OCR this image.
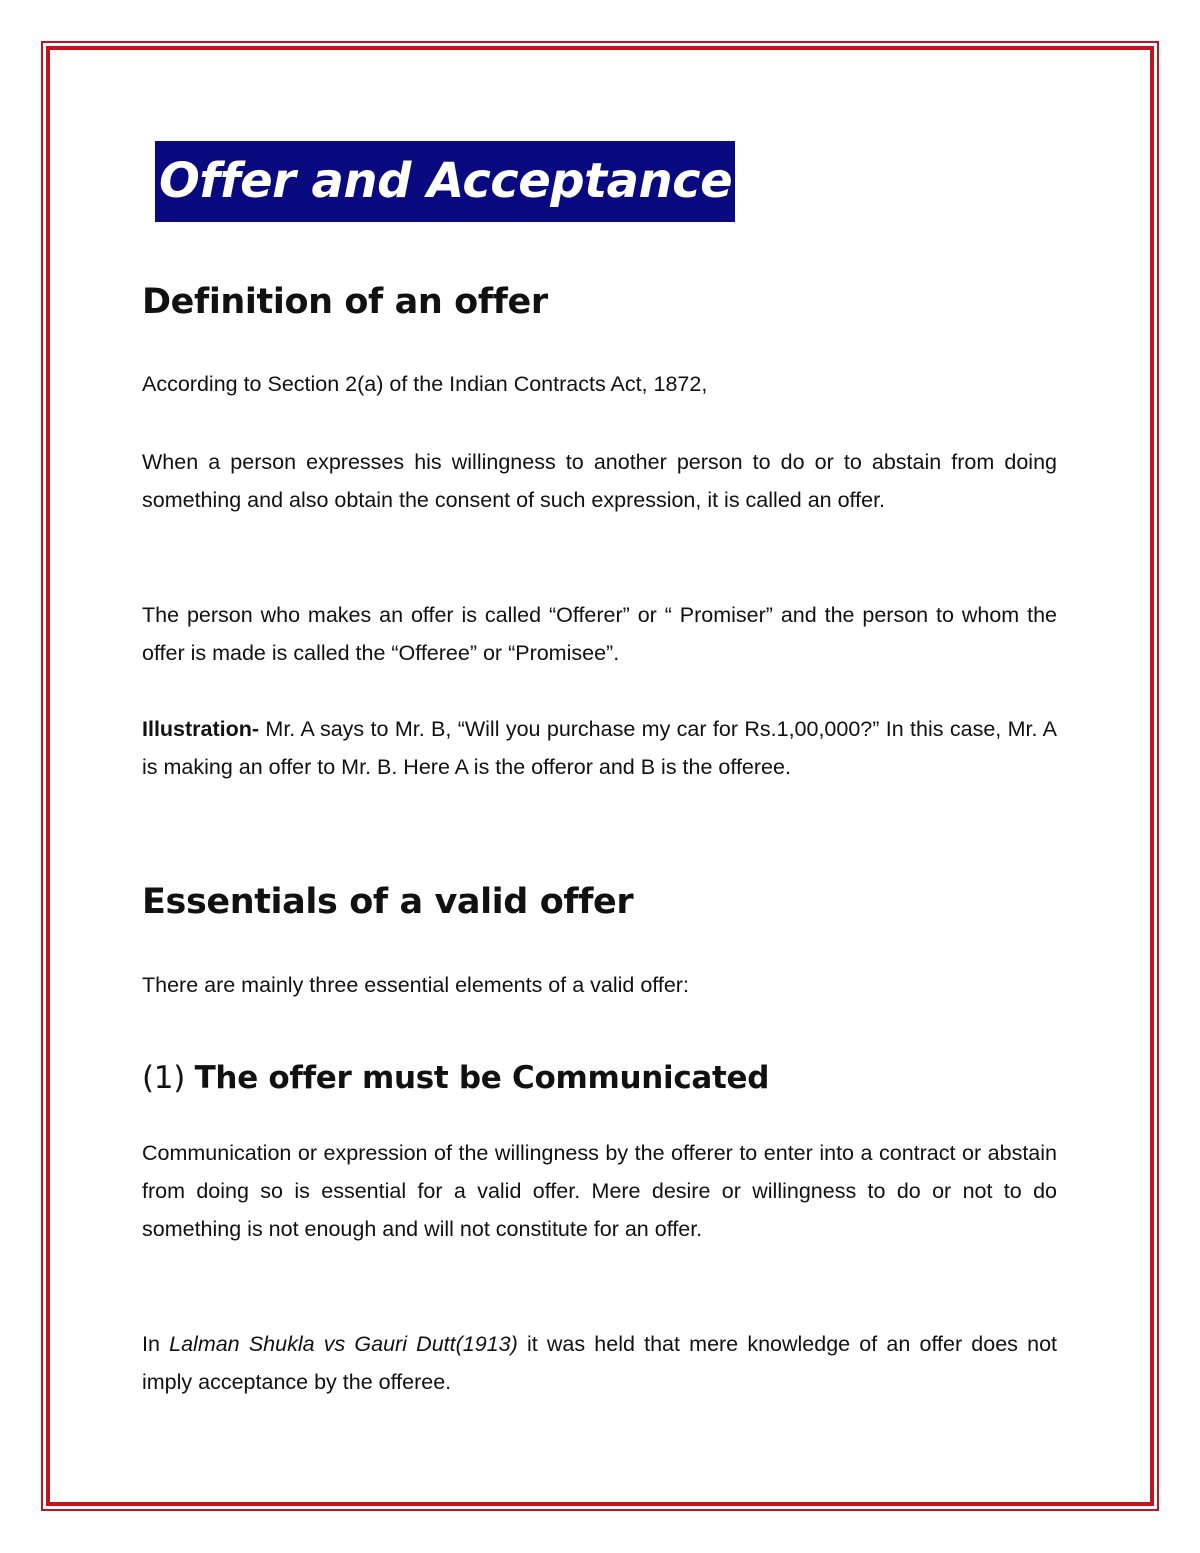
Offer and Acceptance
Definition of an offer

According to Section 2(a) of the Indian Contracts Act, 1872,

When a person expresses his willingness to another person to do or to abstain from doing something and also obtain the consent of such expression, it is called an offer.

The person who makes an offer is called “Offerer” or “ Promiser” and the person to whom the offer is made is called the “Offeree” or “Promisee”.

Illustration- Mr. A says to Mr. B, “Will you purchase my car for Rs.1,00,000?” In this case, Mr. A is making an offer to Mr. B. Here A is the offeror and B is the offeree.

Essentials of a valid offer

There are mainly three essential elements of a valid offer:

(1) The offer must be Communicated

Communication or expression of the willingness by the offerer to enter into a contract or abstain from doing so is essential for a valid offer. Mere desire or willingness to do or not to do something is not enough and will not constitute for an offer.

In Lalman Shukla vs Gauri Dutt(1913) it was held that mere knowledge of an offer does not imply acceptance by the offeree.
